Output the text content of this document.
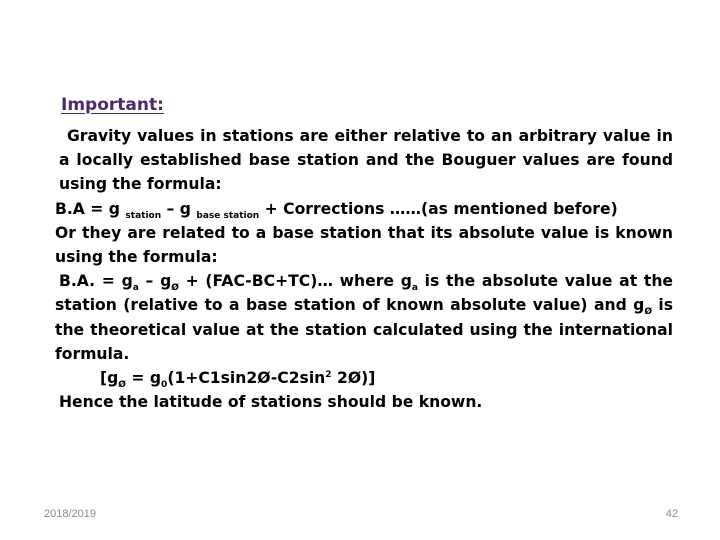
Important:

Gravity values in stations are either relative to an arbitrary value in a locally established base station and the Bouguer values are found using the formula:

B.A = g $_{station}$ – g $_{base station}$ + Corrections ……(as mentioned before)

Or they are related to a base station that its absolute value is known using the formula:

B.A. = $g_a - g_Ø$ + (FAC-BC+TC)… where $g_a$ is the absolute value at the station (relative to a base station of known absolute value) and $g_Ø$ is the theoretical value at the station calculated using the international formula.

[$g_Ø$ = $g_0(1+C1\sin 2Ø-C2\sin^2$ 2Ø)]

Hence the latitude of stations should be known.

2018/2019	42
